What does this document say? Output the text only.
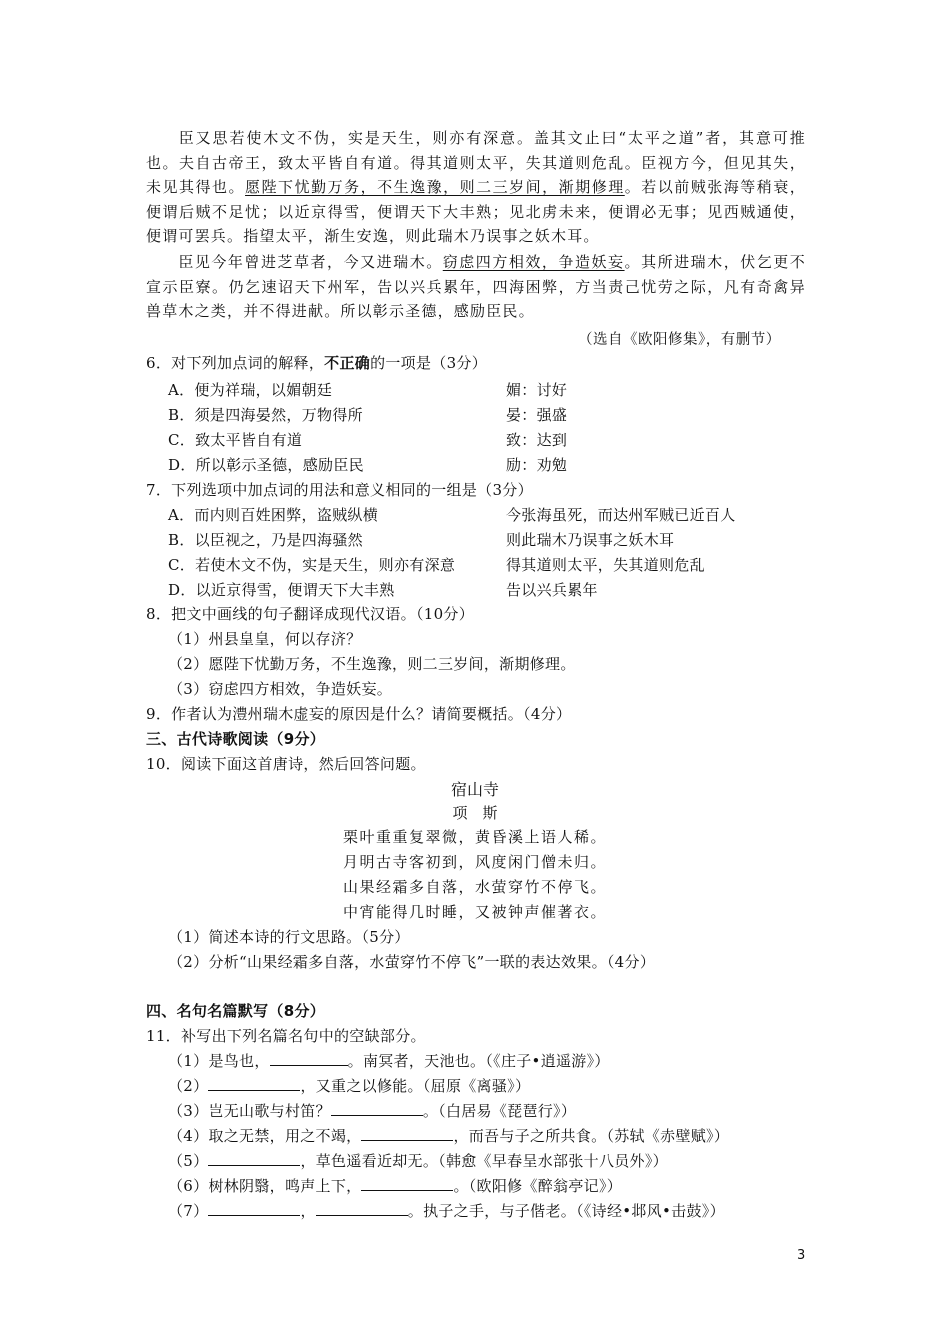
臣又思若使木文不伪，实是天生，则亦有深意。盖其文止曰“太平之道”者，其意可推也。夫自古帝王，致太平皆自有道。得其道则太平，失其道则危乱。臣视方今，但见其失，未见其得也。愿陛下忧勤万务，不生逸豫，则二三岁间，渐期修理。若以前贼张海等稍衰，便谓后贼不足忧；以近京得雪，便谓天下大丰熟；见北虏未来，便谓必无事；见西贼通使，便谓可罢兵。指望太平，渐生安逸，则此瑞木乃误事之妖木耳。
臣见今年曾进芝草者，今又进瑞木。窃虑四方相效，争造妖妄。其所进瑞木，伏乞更不宣示臣寮。仍乞速诏天下州军，告以兴兵累年，四海困弊，方当责己忧劳之际，凡有奇禽异兽草木之类，并不得进献。所以彰示圣德，感励臣民。
（选自《欧阳修集》，有删节）
6．对下列加点词的解释，不正确的一项是（3分）
A．便为祥瑞，以媚朝廷	媚：讨好
B．须是四海晏然，万物得所	晏：强盛
C．致太平皆自有道	致：达到
D．所以彰示圣德，感励臣民	励：劝勉
7．下列选项中加点词的用法和意义相同的一组是（3分）
A．而内则百姓困弊，盗贼纵横	今张海虽死，而达州军贼已近百人
B．以臣视之，乃是四海骚然	则此瑞木乃误事之妖木耳
C．若使木文不伪，实是天生，则亦有深意	得其道则太平，失其道则危乱
D．以近京得雪，便谓天下大丰熟	告以兴兵累年
8．把文中画线的句子翻译成现代汉语。（10分）
（1）州县皇皇，何以存济？
（2）愿陛下忧勤万务，不生逸豫，则二三岁间，渐期修理。
（3）窃虑四方相效，争造妖妄。
9．作者认为澧州瑞木虚妄的原因是什么？请简要概括。（4分）
三、古代诗歌阅读（9分）
10．阅读下面这首唐诗，然后回答问题。
宿山寺
项　斯
栗叶重重复翠微，黄昏溪上语人稀。
月明古寺客初到，风度闲门僧未归。
山果经霜多自落，水萤穿竹不停飞。
中宵能得几时睡，又被钟声催著衣。
（1）简述本诗的行文思路。（5分）
（2）分析“山果经霜多自落，水萤穿竹不停飞”一联的表达效果。（4分）
四、名句名篇默写（8分）
11．补写出下列名篇名句中的空缺部分。
（1）是鸟也，	。南冥者，天池也。（《庄子•逍遥游》）
（2）	，又重之以修能。（屈原《离骚》）
（3）岂无山歌与村笛？	。（白居易《琵琶行》）
（4）取之无禁，用之不竭，	，而吾与子之所共食。（苏轼《赤壁赋》）
（5）	，草色遥看近却无。（韩愈《早春呈水部张十八员外》）
（6）树林阴翳，鸣声上下，	。（欧阳修《醉翁亭记》）
（7）	，	。执子之手，与子偕老。（《诗经•邶风•击鼓》）
3
